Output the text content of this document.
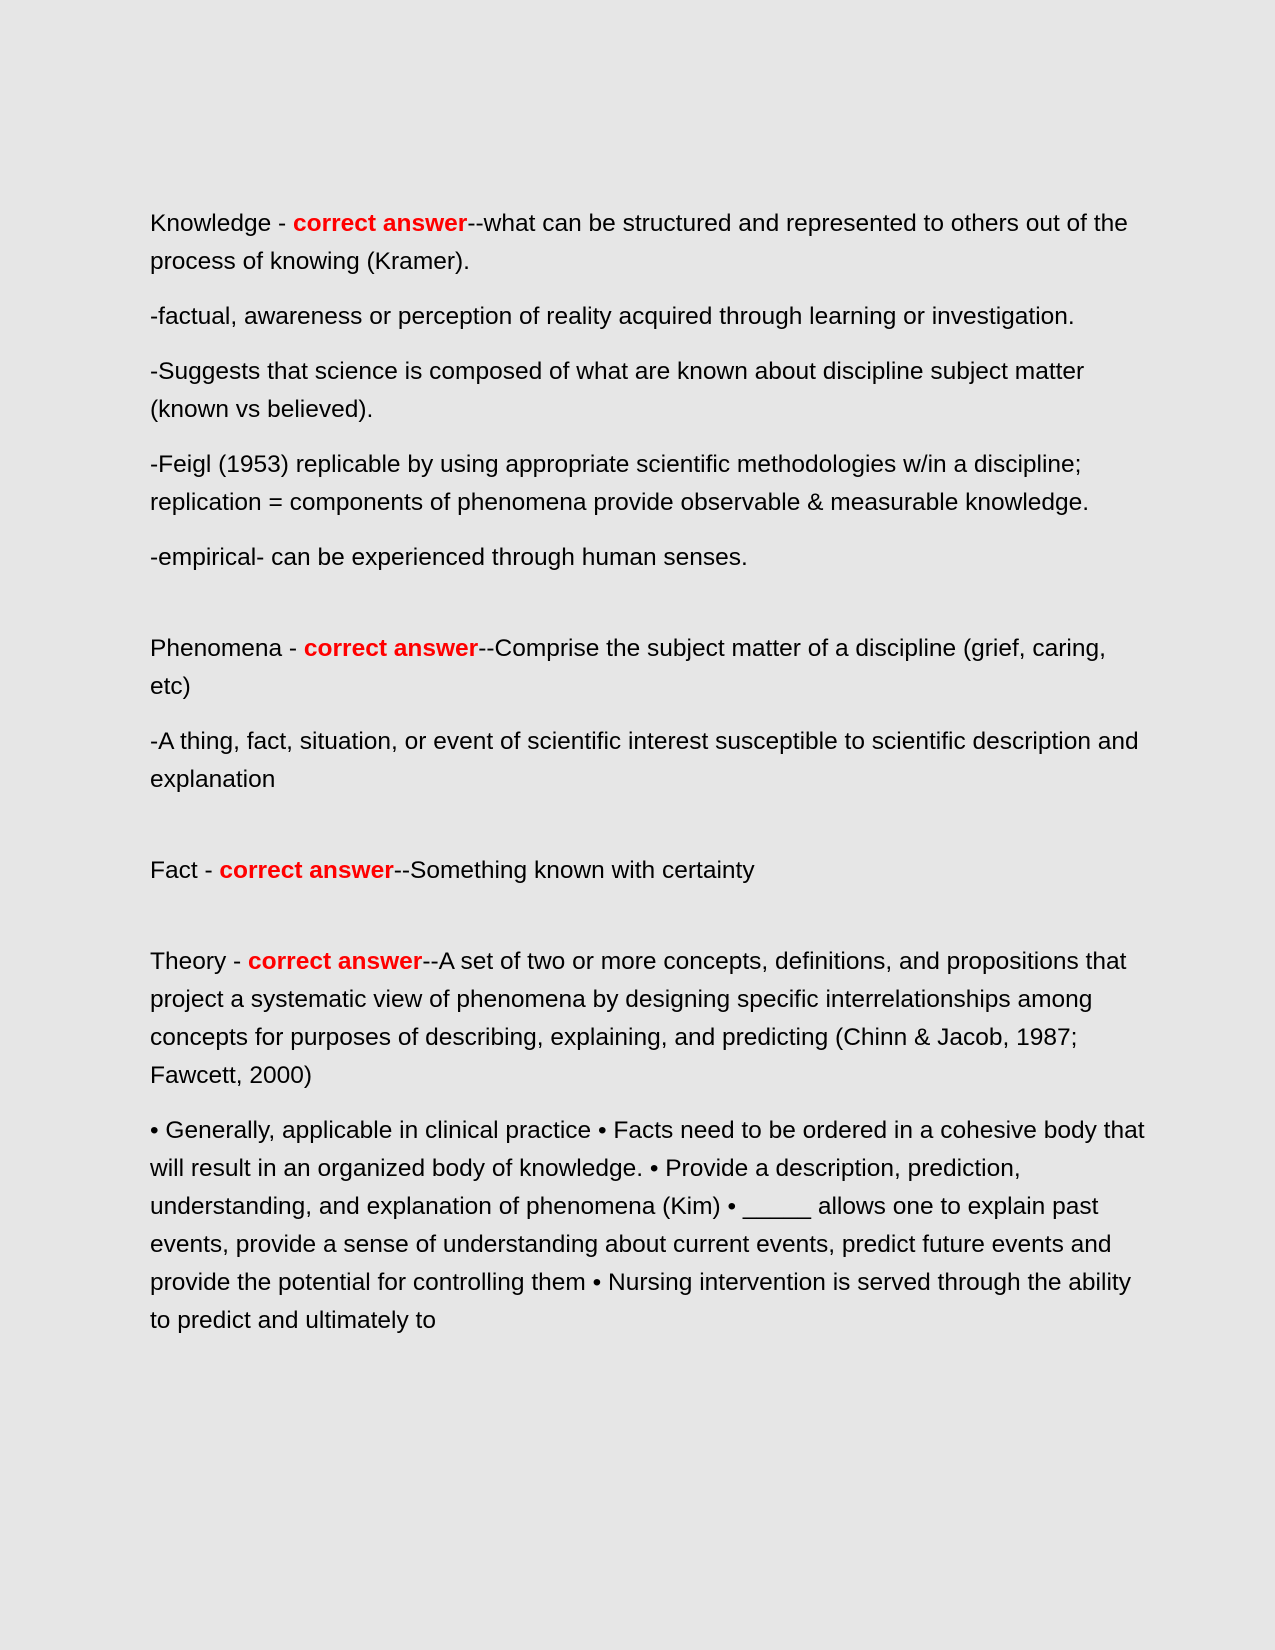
Knowledge - correct answer--what can be structured and represented to others out of the process of knowing (Kramer).

-factual, awareness or perception of reality acquired through learning or investigation.

-Suggests that science is composed of what are known about discipline subject matter (known vs believed).

-Feigl (1953) replicable by using appropriate scientific methodologies w/in a discipline; replication = components of phenomena provide observable & measurable knowledge.

-empirical- can be experienced through human senses.

Phenomena - correct answer--Comprise the subject matter of a discipline (grief, caring, etc)

-A thing, fact, situation, or event of scientific interest susceptible to scientific description and explanation

Fact - correct answer--Something known with certainty

Theory - correct answer--A set of two or more concepts, definitions, and propositions that project a systematic view of phenomena by designing specific interrelationships among concepts for purposes of describing, explaining, and predicting (Chinn & Jacob, 1987; Fawcett, 2000)

• Generally, applicable in clinical practice • Facts need to be ordered in a cohesive body that will result in an organized body of knowledge. • Provide a description, prediction, understanding, and explanation of phenomena (Kim) • _____ allows one to explain past events, provide a sense of understanding about current events, predict future events and provide the potential for controlling them • Nursing intervention is served through the ability to predict and ultimately to
